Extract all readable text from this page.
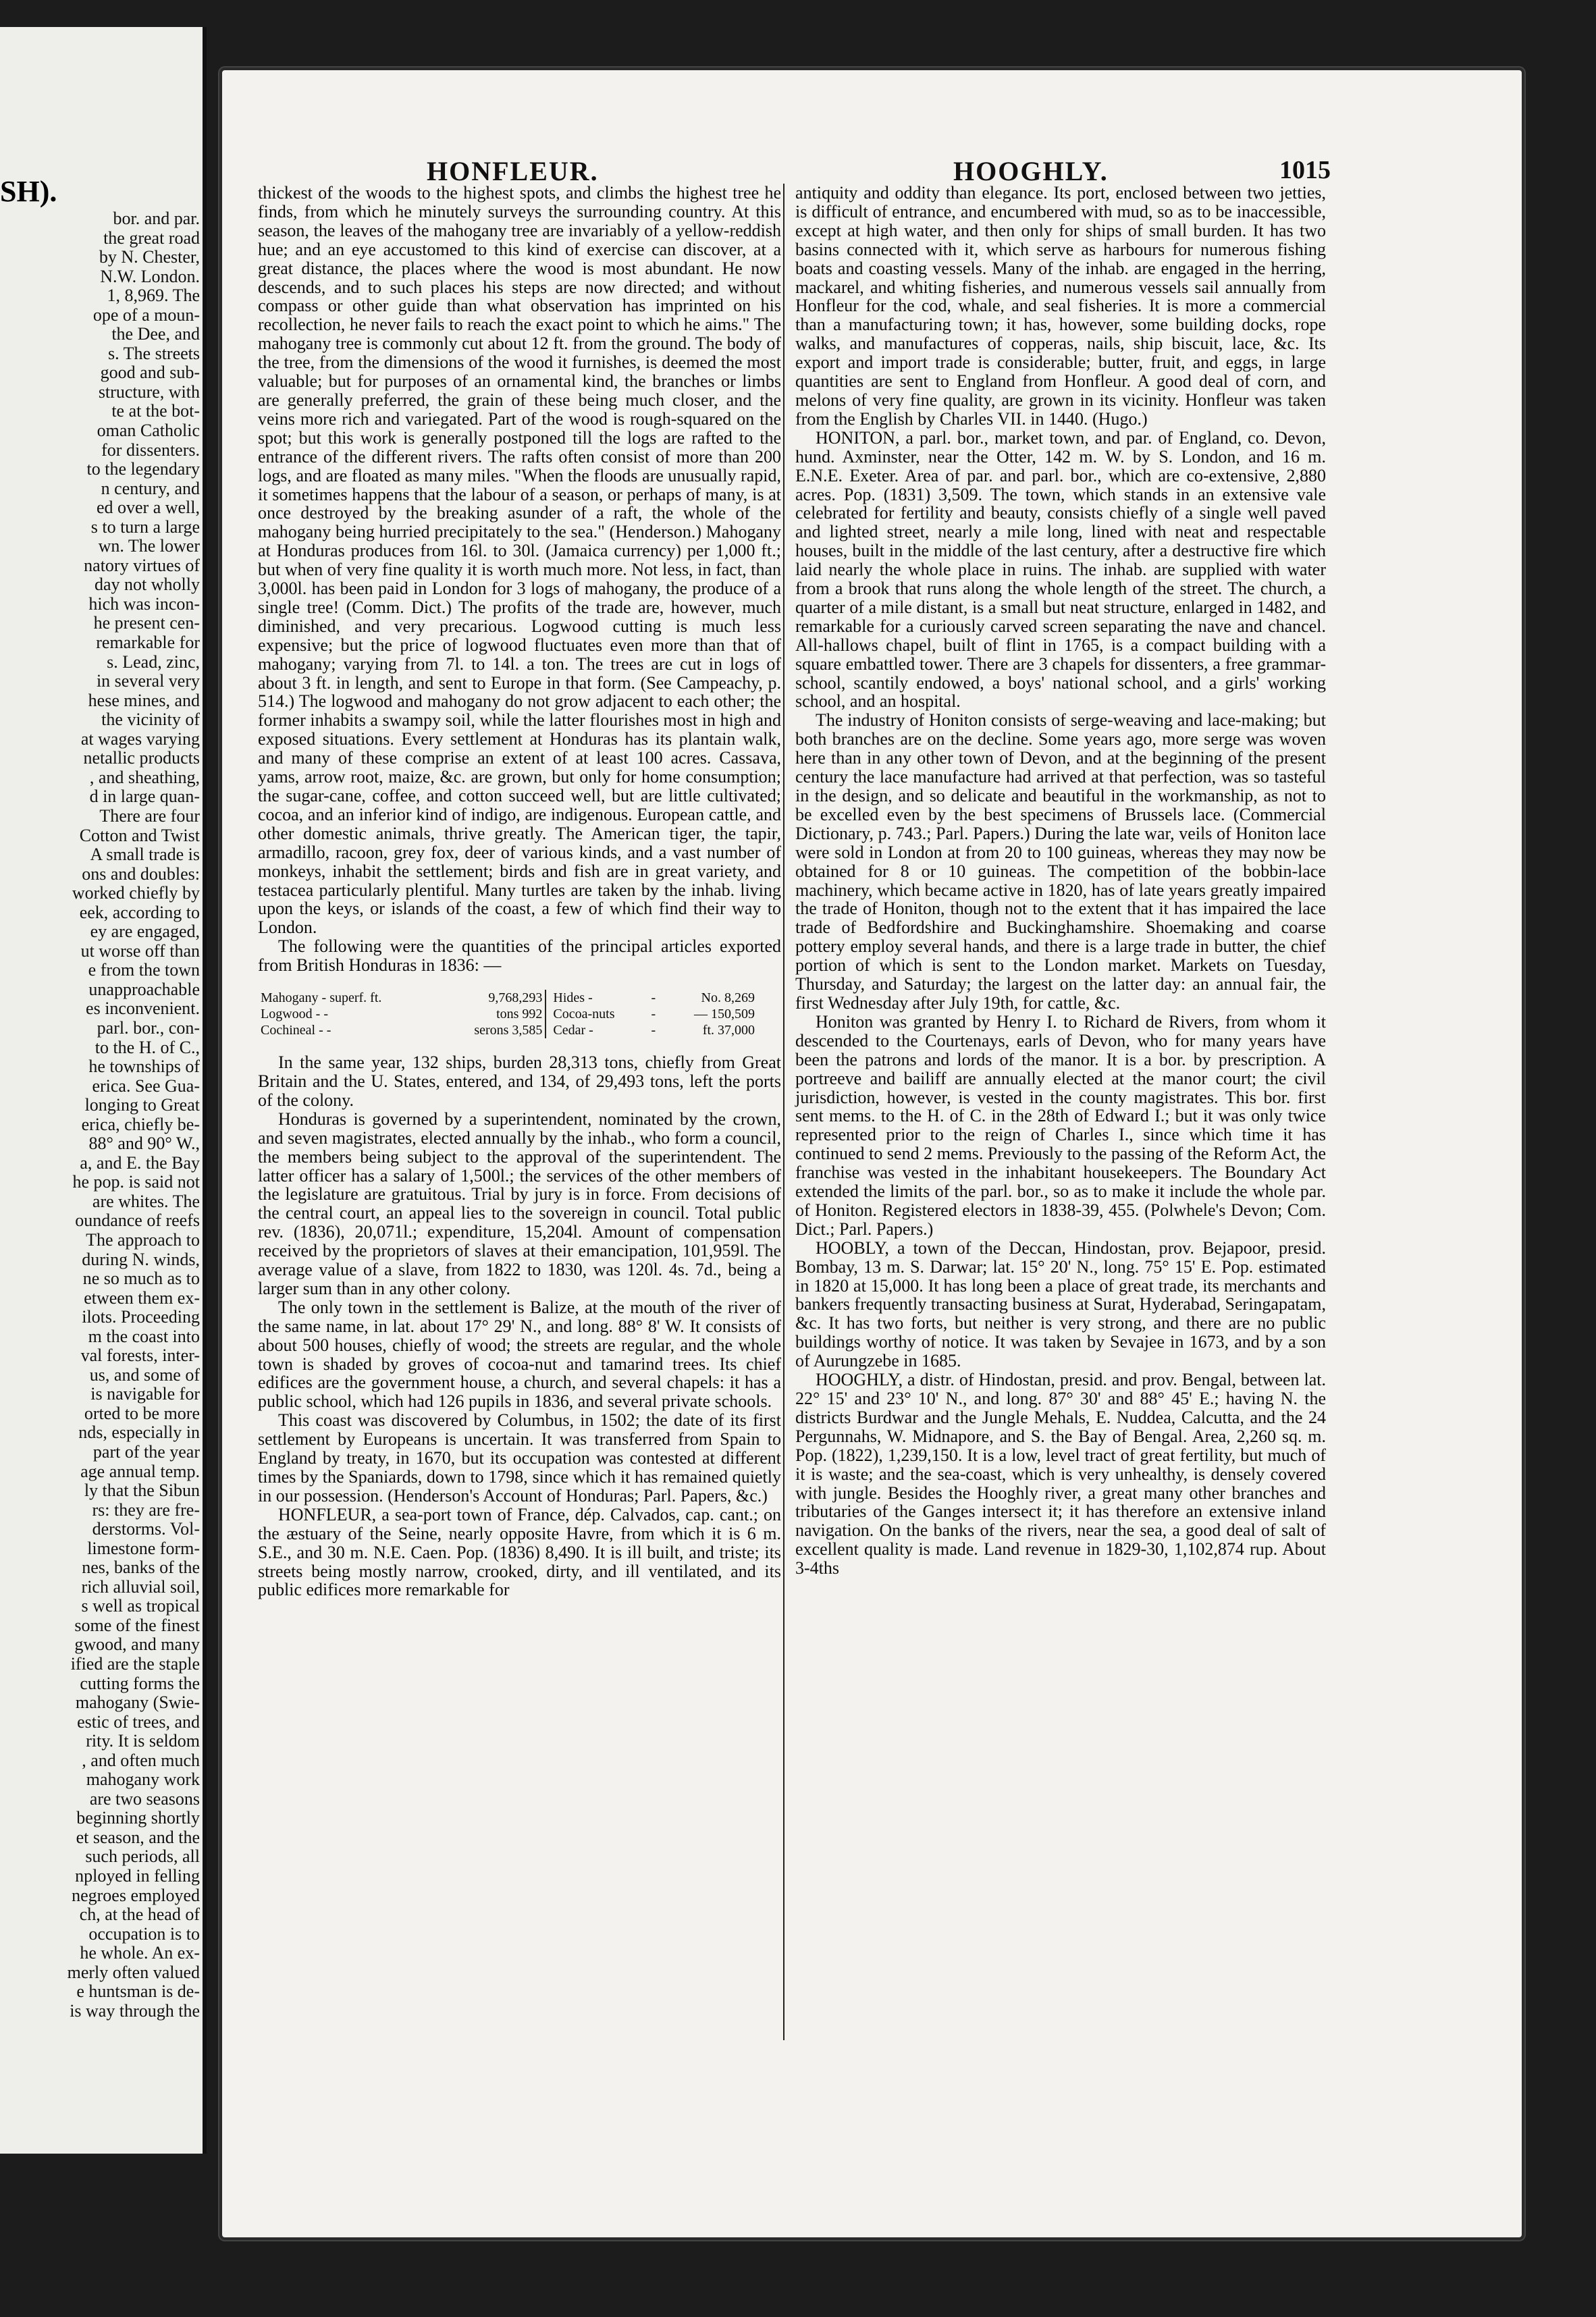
SH).
bor. and par.
the great road
by N. Chester,
N.W. London.
1, 8,969. The
ope of a moun-
the Dee, and
s. The streets
good and sub-
structure, with
te at the bot-
oman Catholic
for dissenters.
to the legendary
n century, and
ed over a well,
s to turn a large
wn. The lower
natory virtues of
day not wholly
hich was incon-
he present cen-
remarkable for
s. Lead, zinc,
in several very
hese mines, and
the vicinity of
at wages varying
netallic products
, and sheathing,
d in large quan-
There are four
Cotton and Twist
A small trade is
ons and doubles:
worked chiefly by
eek, according to
ey are engaged,
ut worse off than
e from the town
unapproachable
es inconvenient.
parl. bor., con-
to the H. of C.,
he townships of
erica. See Gua-
longing to Great
erica, chiefly be-
88° and 90° W.,
a, and E. the Bay
he pop. is said not
are whites. The
oundance of reefs
The approach to
during N. winds,
ne so much as to
etween them ex-
ilots. Proceeding
m the coast into
val forests, inter-
us, and some of
is navigable for
orted to be more
nds, especially in
part of the year
age annual temp.
ly that the Sibun
rs: they are fre-
derstorms. Vol-
limestone form-
nes, banks of the
rich alluvial soil,
s well as tropical
some of the finest
gwood, and many
ified are the staple
cutting forms the
mahogany (Swie-
estic of trees, and
rity. It is seldom
, and often much
mahogany work
are two seasons
beginning shortly
et season, and the
such periods, all
nployed in felling
negroes employed
ch, at the head of
occupation is to
he whole. An ex-
merly often valued
e huntsman is de-
is way through the
HONFLEUR.	HOOGHLY.	1015

thickest of the woods to the highest spots, and climbs the highest tree he finds, from which he minutely surveys the surrounding country. At this season, the leaves of the mahogany tree are invariably of a yellow-reddish hue; and an eye accustomed to this kind of exercise can discover, at a great distance, the places where the wood is most abundant. He now descends, and to such places his steps are now directed; and without compass or other guide than what observation has imprinted on his recollection, he never fails to reach the exact point to which he aims." The mahogany tree is commonly cut about 12 ft. from the ground. The body of the tree, from the dimensions of the wood it furnishes, is deemed the most valuable; but for purposes of an ornamental kind, the branches or limbs are generally preferred, the grain of these being much closer, and the veins more rich and variegated. Part of the wood is rough-squared on the spot; but this work is generally postponed till the logs are rafted to the entrance of the different rivers. The rafts often consist of more than 200 logs, and are floated as many miles. "When the floods are unusually rapid, it sometimes happens that the labour of a season, or perhaps of many, is at once destroyed by the breaking asunder of a raft, the whole of the mahogany being hurried precipitately to the sea." (Henderson.) Mahogany at Honduras produces from 16l. to 30l. (Jamaica currency) per 1,000 ft.; but when of very fine quality it is worth much more. Not less, in fact, than 3,000l. has been paid in London for 3 logs of mahogany, the produce of a single tree! (Comm. Dict.) The profits of the trade are, however, much diminished, and very precarious. Logwood cutting is much less expensive; but the price of logwood fluctuates even more than that of mahogany; varying from 7l. to 14l. a ton. The trees are cut in logs of about 3 ft. in length, and sent to Europe in that form. (See Campeachy, p. 514.) The logwood and mahogany do not grow adjacent to each other; the former inhabits a swampy soil, while the latter flourishes most in high and exposed situations. Every settlement at Honduras has its plantain walk, and many of these comprise an extent of at least 100 acres. Cassava, yams, arrow root, maize, &c. are grown, but only for home consumption; the sugar-cane, coffee, and cotton succeed well, but are little cultivated; cocoa, and an inferior kind of indigo, are indigenous. European cattle, and other domestic animals, thrive greatly. The American tiger, the tapir, armadillo, racoon, grey fox, deer of various kinds, and a vast number of monkeys, inhabit the settlement; birds and fish are in great variety, and testacea particularly plentiful. Many turtles are taken by the inhab. living upon the keys, or islands of the coast, a few of which find their way to London.

The following were the quantities of the principal articles exported from British Honduras in 1836: —

Mahogany - superf. ft.	9,768,293	Hides -	-	No. 8,269
Logwood - -	tons 992	Cocoa-nuts	-	— 150,509
Cochineal - -	serons 3,585	Cedar -	-	ft. 37,000

In the same year, 132 ships, burden 28,313 tons, chiefly from Great Britain and the U. States, entered, and 134, of 29,493 tons, left the ports of the colony.

Honduras is governed by a superintendent, nominated by the crown, and seven magistrates, elected annually by the inhab., who form a council, the members being subject to the approval of the superintendent. The latter officer has a salary of 1,500l.; the services of the other members of the legislature are gratuitous. Trial by jury is in force. From decisions of the central court, an appeal lies to the sovereign in council. Total public rev. (1836), 20,071l.; expenditure, 15,204l. Amount of compensation received by the proprietors of slaves at their emancipation, 101,959l. The average value of a slave, from 1822 to 1830, was 120l. 4s. 7d., being a larger sum than in any other colony.

The only town in the settlement is Balize, at the mouth of the river of the same name, in lat. about 17° 29' N., and long. 88° 8' W. It consists of about 500 houses, chiefly of wood; the streets are regular, and the whole town is shaded by groves of cocoa-nut and tamarind trees. Its chief edifices are the government house, a church, and several chapels: it has a public school, which had 126 pupils in 1836, and several private schools.

This coast was discovered by Columbus, in 1502; the date of its first settlement by Europeans is uncertain. It was transferred from Spain to England by treaty, in 1670, but its occupation was contested at different times by the Spaniards, down to 1798, since which it has remained quietly in our possession. (Henderson's Account of Honduras; Parl. Papers, &c.)

HONFLEUR, a sea-port town of France, dép. Calvados, cap. cant.; on the æstuary of the Seine, nearly opposite Havre, from which it is 6 m. S.E., and 30 m. N.E. Caen. Pop. (1836) 8,490. It is ill built, and triste; its streets being mostly narrow, crooked, dirty, and ill ventilated, and its public edifices more remarkable for

antiquity and oddity than elegance. Its port, enclosed between two jetties, is difficult of entrance, and encumbered with mud, so as to be inaccessible, except at high water, and then only for ships of small burden. It has two basins connected with it, which serve as harbours for numerous fishing boats and coasting vessels. Many of the inhab. are engaged in the herring, mackarel, and whiting fisheries, and numerous vessels sail annually from Honfleur for the cod, whale, and seal fisheries. It is more a commercial than a manufacturing town; it has, however, some building docks, rope walks, and manufactures of copperas, nails, ship biscuit, lace, &c. Its export and import trade is considerable; butter, fruit, and eggs, in large quantities are sent to England from Honfleur. A good deal of corn, and melons of very fine quality, are grown in its vicinity. Honfleur was taken from the English by Charles VII. in 1440. (Hugo.)

HONITON, a parl. bor., market town, and par. of England, co. Devon, hund. Axminster, near the Otter, 142 m. W. by S. London, and 16 m. E.N.E. Exeter. Area of par. and parl. bor., which are co-extensive, 2,880 acres. Pop. (1831) 3,509. The town, which stands in an extensive vale celebrated for fertility and beauty, consists chiefly of a single well paved and lighted street, nearly a mile long, lined with neat and respectable houses, built in the middle of the last century, after a destructive fire which laid nearly the whole place in ruins. The inhab. are supplied with water from a brook that runs along the whole length of the street. The church, a quarter of a mile distant, is a small but neat structure, enlarged in 1482, and remarkable for a curiously carved screen separating the nave and chancel. All-hallows chapel, built of flint in 1765, is a compact building with a square embattled tower. There are 3 chapels for dissenters, a free grammar-school, scantily endowed, a boys' national school, and a girls' working school, and an hospital.

The industry of Honiton consists of serge-weaving and lace-making; but both branches are on the decline. Some years ago, more serge was woven here than in any other town of Devon, and at the beginning of the present century the lace manufacture had arrived at that perfection, was so tasteful in the design, and so delicate and beautiful in the workmanship, as not to be excelled even by the best specimens of Brussels lace. (Commercial Dictionary, p. 743.; Parl. Papers.) During the late war, veils of Honiton lace were sold in London at from 20 to 100 guineas, whereas they may now be obtained for 8 or 10 guineas. The competition of the bobbin-lace machinery, which became active in 1820, has of late years greatly impaired the trade of Honiton, though not to the extent that it has impaired the lace trade of Bedfordshire and Buckinghamshire. Shoemaking and coarse pottery employ several hands, and there is a large trade in butter, the chief portion of which is sent to the London market. Markets on Tuesday, Thursday, and Saturday; the largest on the latter day: an annual fair, the first Wednesday after July 19th, for cattle, &c.

Honiton was granted by Henry I. to Richard de Rivers, from whom it descended to the Courtenays, earls of Devon, who for many years have been the patrons and lords of the manor. It is a bor. by prescription. A portreeve and bailiff are annually elected at the manor court; the civil jurisdiction, however, is vested in the county magistrates. This bor. first sent mems. to the H. of C. in the 28th of Edward I.; but it was only twice represented prior to the reign of Charles I., since which time it has continued to send 2 mems. Previously to the passing of the Reform Act, the franchise was vested in the inhabitant housekeepers. The Boundary Act extended the limits of the parl. bor., so as to make it include the whole par. of Honiton. Registered electors in 1838-39, 455. (Polwhele's Devon; Com. Dict.; Parl. Papers.)

HOOBLY, a town of the Deccan, Hindostan, prov. Bejapoor, presid. Bombay, 13 m. S. Darwar; lat. 15° 20' N., long. 75° 15' E. Pop. estimated in 1820 at 15,000. It has long been a place of great trade, its merchants and bankers frequently transacting business at Surat, Hyderabad, Seringapatam, &c. It has two forts, but neither is very strong, and there are no public buildings worthy of notice. It was taken by Sevajee in 1673, and by a son of Aurungzebe in 1685.

HOOGHLY, a distr. of Hindostan, presid. and prov. Bengal, between lat. 22° 15' and 23° 10' N., and long. 87° 30' and 88° 45' E.; having N. the districts Burdwar and the Jungle Mehals, E. Nuddea, Calcutta, and the 24 Pergunnahs, W. Midnapore, and S. the Bay of Bengal. Area, 2,260 sq. m. Pop. (1822), 1,239,150. It is a low, level tract of great fertility, but much of it is waste; and the sea-coast, which is very unhealthy, is densely covered with jungle. Besides the Hooghly river, a great many other branches and tributaries of the Ganges intersect it; it has therefore an extensive inland navigation. On the banks of the rivers, near the sea, a good deal of salt of excellent quality is made. Land revenue in 1829-30, 1,102,874 rup. About 3-4ths
